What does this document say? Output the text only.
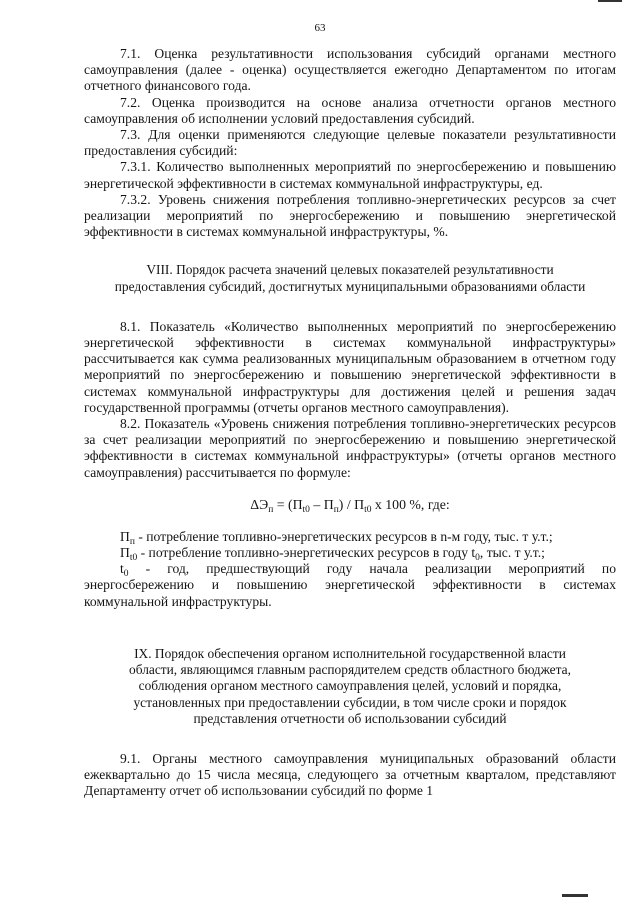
63

7.1. Оценка результативности использования субсидий органами местного самоуправления (далее - оценка) осуществляется ежегодно Департаментом по итогам отчетного финансового года.

7.2. Оценка производится на основе анализа отчетности органов местного самоуправления об исполнении условий предоставления субсидий.

7.3. Для оценки применяются следующие целевые показатели результативности предоставления субсидий:

7.3.1. Количество выполненных мероприятий по энергосбережению и повышению энергетической эффективности в системах коммунальной инфраструктуры, ед.

7.3.2. Уровень снижения потребления топливно-энергетических ресурсов за счет реализации мероприятий по энергосбережению и повышению энергетической эффективности в системах коммунальной инфраструктуры, %.

VIII. Порядок расчета значений целевых показателей результативности

предоставления субсидий, достигнутых муниципальными образованиями области

8.1. Показатель «Количество выполненных мероприятий по энергосбережению энергетической эффективности в системах коммунальной инфраструктуры» рассчитывается как сумма реализованных муниципальным образованием в отчетном году мероприятий по энергосбережению и повышению энергетической эффективности в системах коммунальной инфраструктуры для достижения целей и решения задач государственной программы (отчеты органов местного самоуправления).

8.2. Показатель «Уровень снижения потребления топливно-энергетических ресурсов за счет реализации мероприятий по энергосбережению и повышению энергетической эффективности в системах коммунальной инфраструктуры» (отчеты органов местного самоуправления) рассчитывается по формуле:

$\Delta Э_п = (П_{t0} - П_п) / П_{t0}$ х 100 %, где:

$П_п$ - потребление топливно-энергетических ресурсов в n-м году, тыс. т у.т.;

$П_{t0}$ - потребление топливно-энергетических ресурсов в году $t_0$, тыс. т у.т.;

$t_0$ - год, предшествующий году начала реализации мероприятий по энергосбережению и повышению энергетической эффективности в системах коммунальной инфраструктуры.

IX. Порядок обеспечения органом исполнительной государственной власти

области, являющимся главным распорядителем средств областного бюджета,

соблюдения органом местного самоуправления целей, условий и порядка,

установленных при предоставлении субсидии, в том числе сроки и порядок

представления отчетности об использовании субсидий

9.1. Органы местного самоуправления муниципальных образований области ежеквартально до 15 числа месяца, следующего за отчетным кварталом, представляют Департаменту отчет об использовании субсидий по форме 1
